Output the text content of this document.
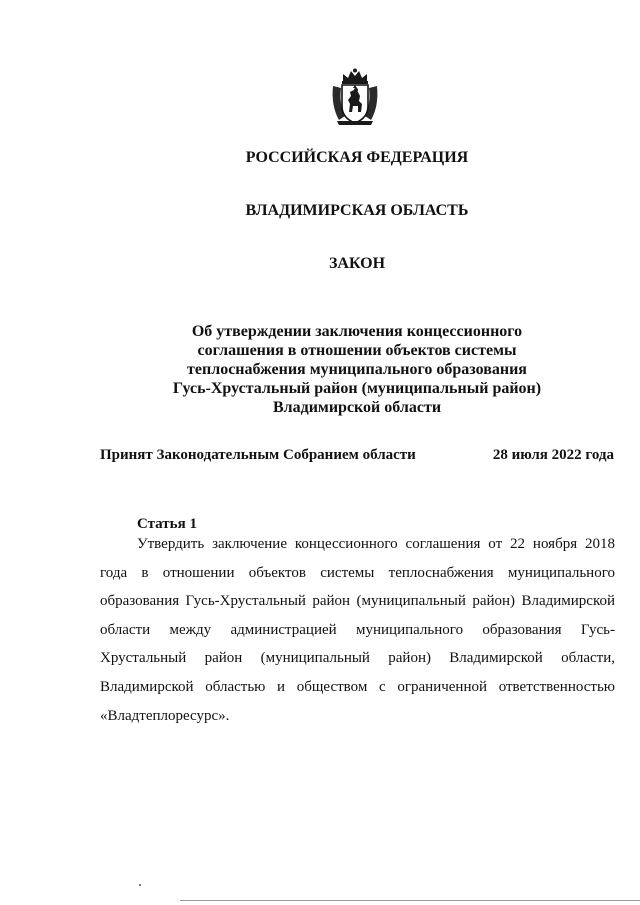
РОССИЙСКАЯ ФЕДЕРАЦИЯ
ВЛАДИМИРСКАЯ ОБЛАСТЬ
ЗАКОН
Об утверждении заключения концессионного
соглашения в отношении объектов системы
теплоснабжения муниципального образования
Гусь-Хрустальный район (муниципальный район)
Владимирской области
Принят Законодательным Собранием области	28 июля 2022 года
Статья 1
Утвердить заключение концессионного соглашения от 22 ноября 2018 года в отношении объектов системы теплоснабжения муниципального образования Гусь-Хрустальный район (муниципальный район) Владимирской области между администрацией муниципального образования Гусь-Хрустальный район (муниципальный район) Владимирской области, Владимирской областью и обществом с ограниченной ответственностью «Владтеплоресурс».
